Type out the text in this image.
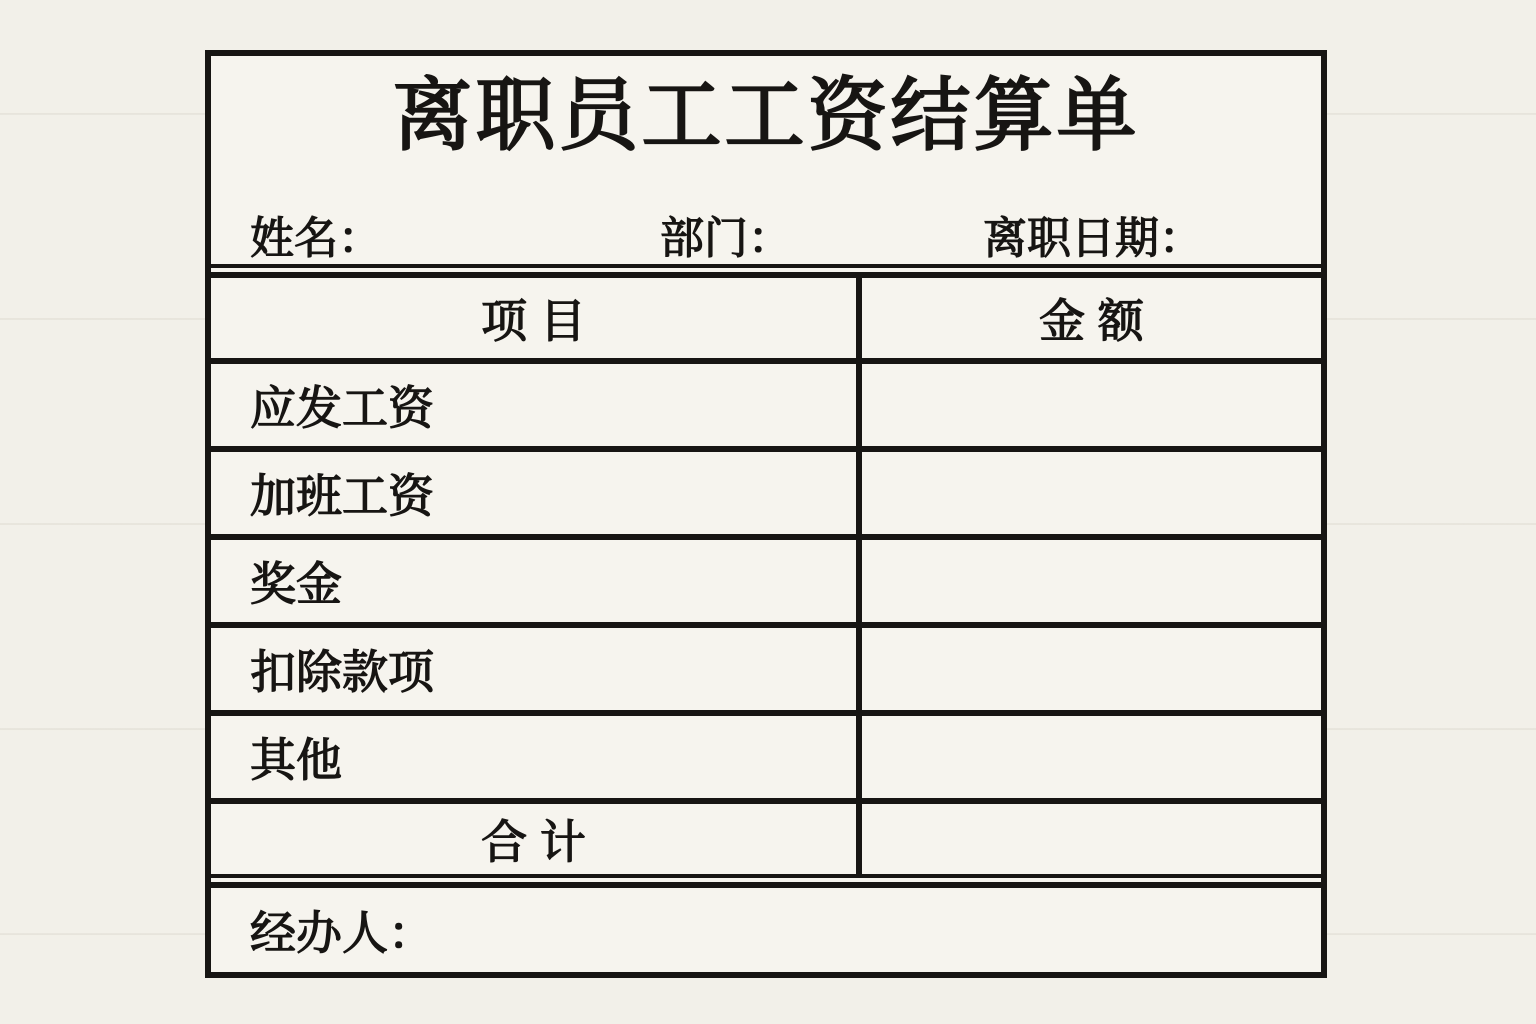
离职员工工资结算单
姓名：	部门：	离职日期：
项 目	金 额
应发工资
加班工资
奖金
扣除款项
其他
合 计
经办人：
